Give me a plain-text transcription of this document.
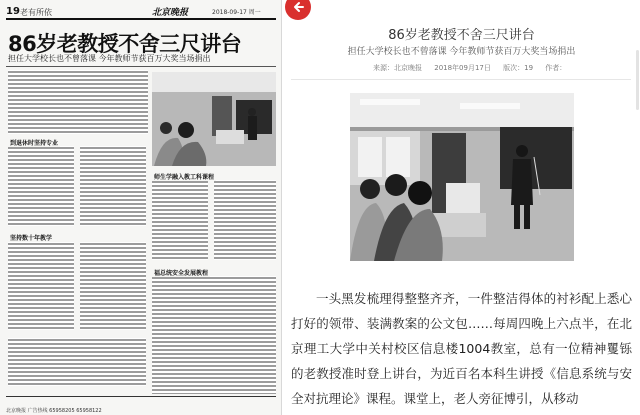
19 老有所依	北京晚报	2018-09-17 周一
86岁老教授不舍三尺讲台
担任大学校长也不曾落课 今年教师节获百万大奖当场捐出
到退休时坚持专业
坚持数十年教学
师生学融入教工科课程
福总统安全发展教程
北京晚报 广告热线 65958205 65958122
86岁老教授不舍三尺讲台
担任大学校长也不曾落课 今年教师节获百万大奖当场捐出
来源：北京晚报 2018年09月17日 版次：19 作者：
一头黑发梳理得整整齐齐，一件整洁得体的衬衫配上悉心打好的领带、装满教案的公文包……每周四晚上六点半，在北京理工大学中关村校区信息楼1004教室，总有一位精神矍铄的老教授准时登上讲台，为近百名本科生讲授《信息系统与安全对抗理论》课程。课堂上，老人旁征博引，从移动
